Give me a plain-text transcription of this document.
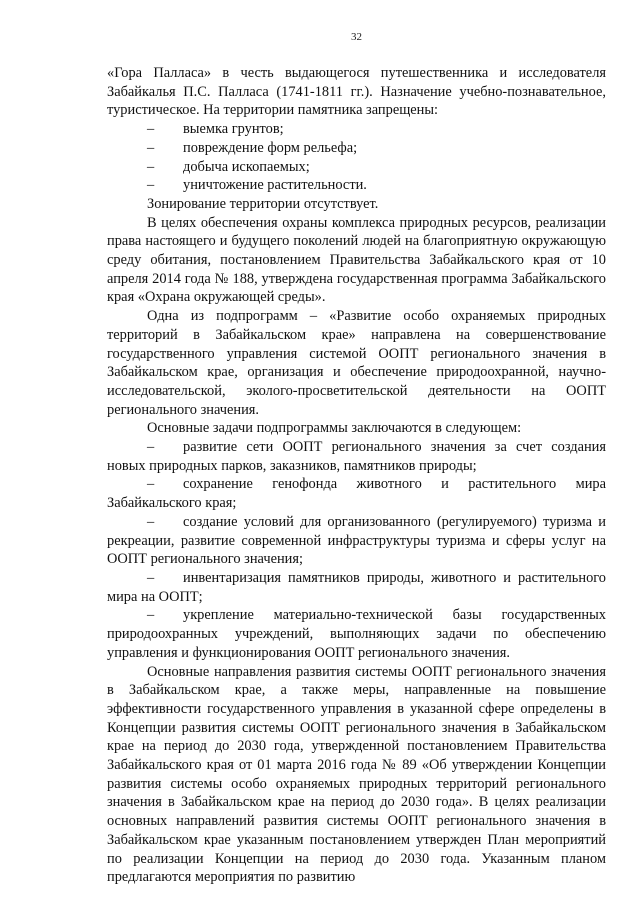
32

«Гора Палласа» в честь выдающегося путешественника и исследователя Забайкалья П.С. Палласа (1741-1811 гг.). Назначение учебно-познавательное, туристическое. На территории памятника запрещены:

– выемка грунтов;

– повреждение форм рельефа;

– добыча ископаемых;

– уничтожение растительности.

Зонирование территории отсутствует.

В целях обеспечения охраны комплекса природных ресурсов, реализации права настоящего и будущего поколений людей на благоприятную окружающую среду обитания, постановлением Правительства Забайкальского края от 10 апреля 2014 года № 188, утверждена государственная программа Забайкальского края «Охрана окружающей среды».

Одна из подпрограмм – «Развитие особо охраняемых природных территорий в Забайкальском крае» направлена на совершенствование государственного управления системой ООПТ регионального значения в Забайкальском крае, организация и обеспечение природоохранной, научно-исследовательской, эколого-просветительской деятельности на ООПТ регионального значения.

Основные задачи подпрограммы заключаются в следующем:

– развитие сети ООПТ регионального значения за счет создания новых природных парков, заказников, памятников природы;

– сохранение генофонда животного и растительного мира Забайкальского края;

– создание условий для организованного (регулируемого) туризма и рекреации, развитие современной инфраструктуры туризма и сферы услуг на ООПТ регионального значения;

– инвентаризация памятников природы, животного и растительного мира на ООПТ;

– укрепление материально-технической базы государственных природоохранных учреждений, выполняющих задачи по обеспечению управления и функционирования ООПТ регионального значения.

Основные направления развития системы ООПТ регионального значения в Забайкальском крае, а также меры, направленные на повышение эффективности государственного управления в указанной сфере определены в Концепции развития системы ООПТ регионального значения в Забайкальском крае на период до 2030 года, утвержденной постановлением Правительства Забайкальского края от 01 марта 2016 года № 89 «Об утверждении Концепции развития системы особо охраняемых природных территорий регионального значения в Забайкальском крае на период до 2030 года». В целях реализации основных направлений развития системы ООПТ регионального значения в Забайкальском крае указанным постановлением утвержден План мероприятий по реализации Концепции на период до 2030 года. Указанным планом предлагаются мероприятия по развитию
